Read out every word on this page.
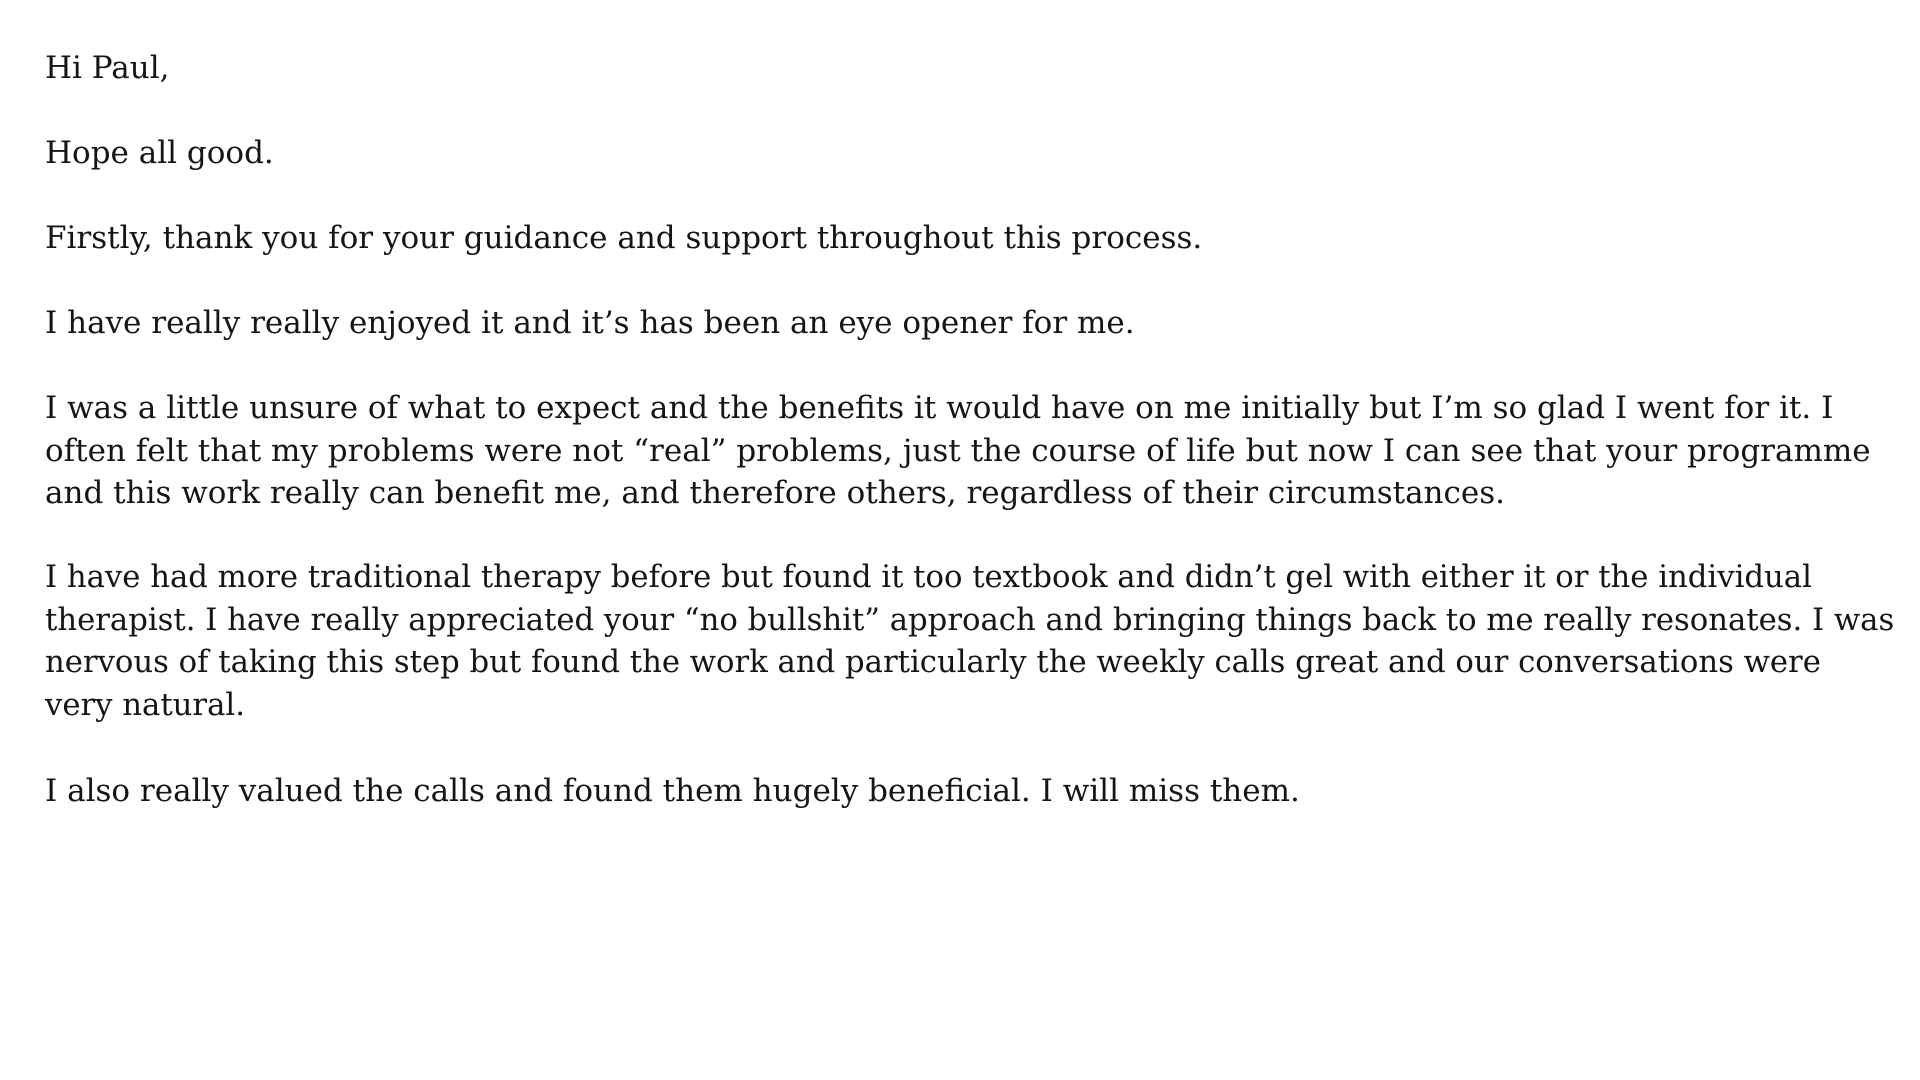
Hi Paul,

Hope all good.

Firstly, thank you for your guidance and support throughout this process.

I have really really enjoyed it and it’s has been an eye opener for me.

I was a little unsure of what to expect and the benefits it would have on me initially but I’m so glad I went for it. I
often felt that my problems were not “real” problems, just the course of life but now I can see that your programme
and this work really can benefit me, and therefore others, regardless of their circumstances.

I have had more traditional therapy before but found it too textbook and didn’t gel with either it or the individual
therapist. I have really appreciated your “no bullshit” approach and bringing things back to me really resonates. I was
nervous of taking this step but found the work and particularly the weekly calls great and our conversations were
very natural.

I also really valued the calls and found them hugely beneficial. I will miss them.
